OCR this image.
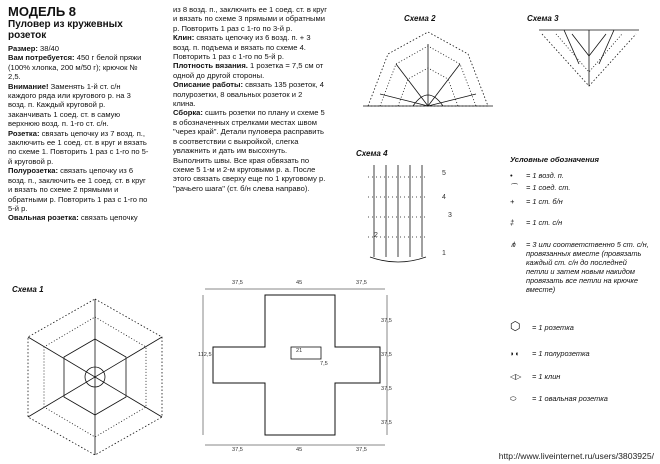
МОДЕЛЬ 8
Пуловер из кружевных розеток

Размер: 38/40

Вам потребуется: 450 г белой пряжи (100% хлопка, 200 м/50 г); крючок № 2,5.

Внимание! Заменять 1-й ст. с/н каждого ряда или кругового р. на 3 возд. п. Каждый круговой р. заканчивать 1 соед. ст. в самую верхнюю возд. п. 1-го ст. с/н.

Розетка: связать цепочку из 7 возд. п., заключить ее 1 соед. ст. в круг и вязать по схеме 1. Повторить 1 раз с 1-го по 5-й круговой р.

Полурозетка: связать цепочку из 6 возд. п., заключить ее 1 соед. ст. в круг и вязать по схеме 2 прямыми и обратными р. Повторить 1 раз с 1-го по 5-й р.

Овальная розетка: связать цепочку

из 8 возд. п., заключить ее 1 соед. ст. в круг и вязать по схеме 3 прямыми и обратными р. Повторить 1 раз с 1-го по 3-й р.

Клин: связать цепочку из 6 возд. п. + 3 возд. п. подъема и вязать по схеме 4. Повторить 1 раз с 1-го по 5-й р.

Плотность вязания. 1 розетка = 7,5 см от одной до другой стороны.

Описание работы: связать 135 розеток, 4 полурозетки, 8 овальных розеток и 2 клина.

Сборка: сшить розетки по плану и схеме 5 в обозначенных стрелками местах швом "через край". Детали пуловера расправить в соответствии с выкройкой, слегка увлажнить и дать им высохнуть. Выполнить швы. Все края обвязать по схеме 5 1-м и 2-м круговыми р. а. После этого связать сверху еще по 1 круговому р. "рачьего шага" (ст. б/н слева направо).

Схема 2	Схема 3
Схема 4
Схема 1
5
4
3
2
1
37,5	45	37,5
112,5
37,5
37,5
37,5
37,5
21
7,5
37,5	45	37,5
Условные обозначения
• = 1 возд. п.
⁀ = 1 соед. ст.
+ = 1 ст. б/н
‡ = 1 ст. с/н
⋔ = 3 или соответственно 5 ст. с/н, провязанных вместе (провязать каждый ст. с/н до последней петли и затем новым накидом провязать все петли на крючке вместе)
⬡ = 1 розетка
◗◖ = 1 полурозетка
◁▷ = 1 клин
⬭ = 1 овальная розетка
http://www.liveinternet.ru/users/3803925/
